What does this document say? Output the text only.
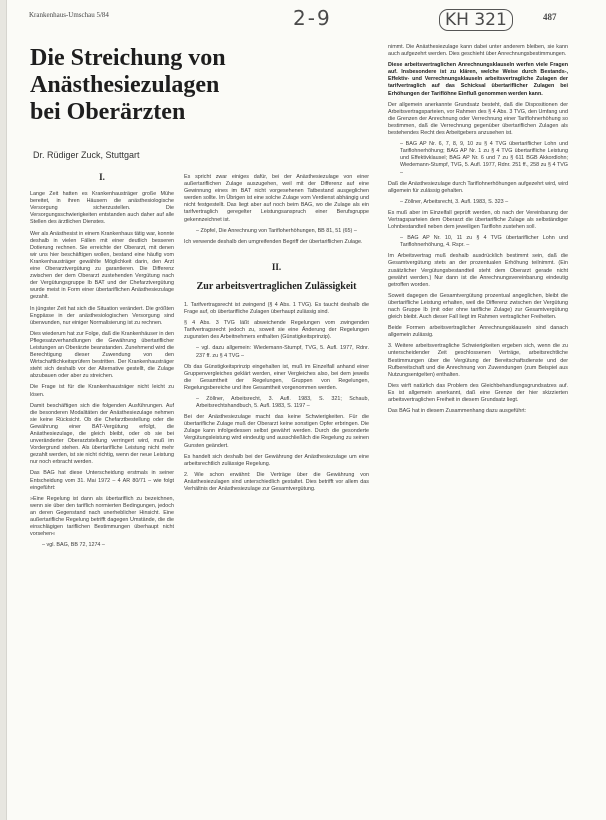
Krankenhaus-Umschau 5/84	2-9	KH 321	487
Die Streichung von Anästhesiezulagen bei Oberärzten
Dr. Rüdiger Zuck, Stuttgart
I.

Lange Zeit hatten es Krankenhausträger große Mühe bereitet, in ihren Häusern die anästhesiologische Versorgung sicherzustellen. Die Versorgungsschwierigkeiten entstanden auch daher auf alle Stellen des ärztlichen Dienstes.

Wer als Anästhesist in einem Krankenhaus tätig war, konnte deshalb in vielen Fällen mit einer deutlich besseren Dotierung rechnen. Sie erreichte der Oberarzt, mit denen wir uns hier beschäftigen wollen, bestand eine häufig vom Krankenhausträger gewählte Möglichkeit darin, den Arzt eine Oberarztvergütung zu garantieren. Die Differenz zwischen der dem Oberarzt zustehenden Vergütung nach der Vergütungsgruppe Ib BAT und der Chefarztvergütung wurde meist in Form einer übertariflichen Anästhesiezulage gezahlt.

In jüngster Zeit hat sich die Situation verändert. Die größten Engpässe in der anästhesiologischen Versorgung sind überwunden, nur einiger Normalisierung ist zu rechnen.

Dies wiederum hat zur Folge, daß die Krankenhäuser in den Pflegesatzverhandlungen die Gewährung übertariflicher Leistungen an Oberärzte beanstanden. Zunehmend wird die Berechtigung dieser Zuwendung von den Wirtschaftlichkeitsprüfern bestritten. Der Krankenhausträger steht sich deshalb vor der Alternative gestellt, die Zulage abzubauen oder aber zu streichen.

Die Frage ist für die Krankenhausträger nicht leicht zu lösen.

Damit beschäftigen sich die folgenden Ausführungen. Auf die besonderen Modalitäten der Anästhesiezulage nehmen sie keine Rücksicht. Ob die Chefarztbestellung oder die Gewährung einer BAT-Vergütung erfolgt, die Anästhesiezulage, die gleich bleibt, oder ob sie bei unveränderter Oberarztstellung verringert wird, muß im Vordergrund stehen. Als übertarifliche Leistung nicht mehr gezahlt werden, ist sie nicht richtig, wenn der neue Leistung nur noch erbracht werden.

Das BAG hat diese Unterscheidung erstmals in seiner Entscheidung vom 31. Mai 1972 – 4 AR 80/71 – wie folgt eingeführt:

»Eine Regelung ist dann als übertariflich zu bezeichnen, wenn sie über den tariflich normierten Bedingungen, jedoch an deren Gegenstand nach unerheblicher Hinsicht. Eine außertarifliche Regelung betrifft dagegen Umstände, die die einschlägigen tariflichen Bestimmungen überhaupt nicht vorsehen«

– vgl. BAG, BB 72, 1274 –

Es spricht zwar einiges dafür, bei der Anästhesiezulage von einer außertariflichen Zulage auszugehen, weil mit der Differenz auf eine Gewinnung eines im BAT nicht vorgesehenen Tatbestand ausgeglichen werden sollte. Im Übrigen ist eine solche Zulage vom Verdienst abhängig und nicht festgestellt. Das liegt aber auf noch beim BAG, wo die Zulage als ein tarifvertraglich geregelter Leistungsanspruch einer Berufsgruppe gekennzeichnet ist.

– Zöpfel, Die Anrechnung von Tarifloherhöhungen, BB 81, 51 (65) –

Ich verwende deshalb den umgreifenden Begriff der übertariflichen Zulage.

II.
Zur arbeitsvertraglichen Zulässigkeit

1. Tarifvertragsrecht ist zwingend (§ 4 Abs. 1 TVG). Es taucht deshalb die Frage auf, ob übertarifliche Zulagen überhaupt zulässig sind.

§ 4 Abs. 3 TVG läßt abweichende Regelungen vom zwingenden Tarifvertragsrecht jedoch zu, soweit sie eine Änderung der Regelungen zugunsten des Arbeitnehmers enthalten (Günstigkeitsprinzip).

– vgl. dazu allgemein: Wiedemann-Stumpf, TVG, 5. Aufl. 1977, Rdnr. 237 ff. zu § 4 TVG –

Ob das Günstigkeitsprinzip eingehalten ist, muß im Einzelfall anhand einer Gruppenvergleiches geklärt werden, einer Vergleiches also, bei dem jeweils die Gesamtheit der Regelungen, Gruppen von Regelungen, Regelungsbereiche und ihre Gesamtheit vorgenommen werden.

– Zöllner, Arbeitsrecht, 3. Aufl. 1983, S. 321; Schaub, Arbeitsrechtshandbuch, 5. Aufl. 1983, S. 1197 –

Bei der Anästhesiezulage macht das keine Schwierigkeiten. Für die übertarifliche Zulage muß der Oberarzt keine sonstigen Opfer erbringen. Die Zulage kann infolgedessen selbst gewährt werden. Durch die gesonderte Vergütungsleistung wird eindeutig und ausschließlich die Regelung zu seinen Gunsten geändert.

Es handelt sich deshalb bei der Gewährung der Anästhesiezulage um eine arbeitsrechtlich zulässige Regelung.

2. Wie schon erwähnt: Die Verträge über die Gewährung von Anästhesiezulagen sind unterschiedlich gestaltet. Dies betrifft vor allem das Verhältnis der Anästhesiezulage zur Gesamtvergütung.

nimmt. Die Anästhesiezulage kann dabei unter anderem bleiben, sie kann auch aufgezehrt werden. Dies geschieht über Anrechnungsbestimmungen.

Diese arbeitsvertraglichen Anrechnungsklauseln werfen viele Fragen auf. Insbesondere ist zu klären, welche Weise durch Bestands-, Effektiv- und Verrechnungsklauseln arbeitsvertragliche Zulagen der tarifvertraglich auf das Schicksal übertariflicher Zulagen bei Erhöhungen der Tariflöhne Einfluß genommen werden kann.

Der allgemein anerkannte Grundsatz besteht, daß die Dispositionen der Arbeitsvertragsparteien, vor Rahmen des § 4 Abs. 3 TVG, den Umfang und die Grenzen der Anrechnung oder Verrechnung einer Tariflohnerhöhung so bestimmen, daß die Verrechnung gegenüber übertariflichen Zulagen als bestehendes Recht des Arbeitgebers anzusehen ist.

– BAG AP Nr. 6, 7, 8, 9, 10 zu § 4 TVG übertariflicher Lohn und Tariflohnerhöhung; BAG AP Nr. 1 zu § 4 TVG übertarifliche Leistung und Effektivklausel; BAG AP Nr. 6 und 7 zu § 611 BGB Akkordlohn; Wiedemann-Stumpf, TVG, 5. Aufl. 1977, Rdnr. 251 ff., 258 zu § 4 TVG –

Daß die Anästhesiezulage durch Tariflohnerhöhungen aufgezehrt wird, wird allgemein für zulässig gehalten.

– Zöllner, Arbeitsrecht, 3. Aufl. 1983, S. 323 –

Es muß aber im Einzelfall geprüft werden, ob nach der Vereinbarung der Vertragsparteien dem Oberarzt die übertarifliche Zulage als selbständiger Lohnbestandteil neben dem jeweiligen Tariflohn zustehen soll.

– BAG AP Nr. 10, 11 zu § 4 TVG übertariflicher Lohn und Tariflohnerhöhung, 4. Rspr. –

Im Arbeitsvertrag muß deshalb ausdrücklich bestimmt sein, daß die Gesamtvergütung stets an der prozentualen Erhöhung teilnimmt. (Ein zusätzlicher Vergütungsbestandteil steht dem Oberarzt gerade nicht gewährt werden.) Nur dann ist die Anrechnungsvereinbarung eindeutig getroffen worden.

Soweit dagegen die Gesamtvergütung prozentual angeglichen, bleibt die übertarifliche Leistung erhalten, weil die Differenz zwischen der Vergütung nach Gruppe Ib (mit oder ohne tarifliche Zulage) zur Gesamtvergütung gleich bleibt. Auch dieser Fall liegt im Rahmen vertraglicher Freiheiten.

Beide Formen arbeitsvertraglicher Anrechnungsklauseln sind danach allgemein zulässig.

3. Weitere arbeitsvertragliche Schwierigkeiten ergeben sich, wenn die zu unterscheidender Zeit geschlossenen Verträge, arbeitsrechtliche Bestimmungen über die Vergütung der Bereitschaftsdienste und der Rufbereitschaft und die Anrechnung von Zuwendungen (zum Beispiel aus Nutzungsentgelten) enthalten.

Dies wirft natürlich das Problem des Gleichbehandlungsgrundsatzes auf. Es ist allgemein anerkannt, daß eine Grenze der hier skizzierten arbeitsvertraglichen Freiheit in diesem Grundsatz liegt.

Das BAG hat in diesem Zusammenhang dazu ausgeführt:
